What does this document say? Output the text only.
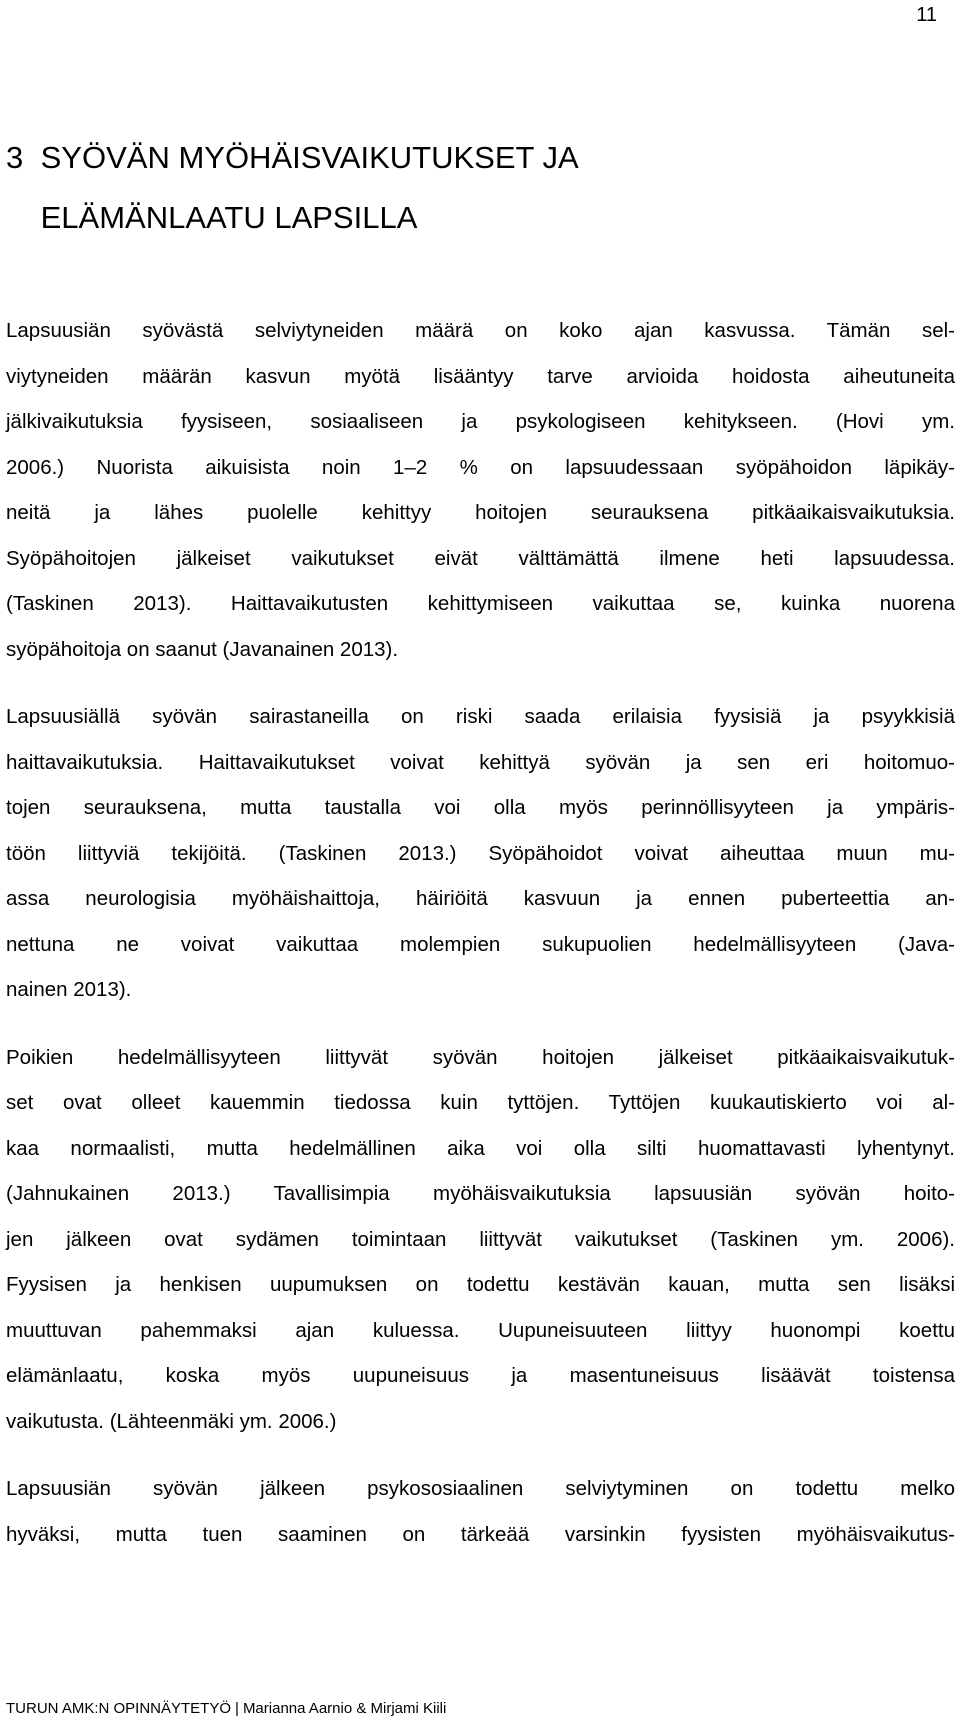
11
3 SYÖVÄN MYÖHÄISVAIKUTUKSET JA
ELÄMÄNLAATU LAPSILLA

Lapsuusiän syövästä selviytyneiden määrä on koko ajan kasvussa. Tämän sel-
viytyneiden määrän kasvun myötä lisääntyy tarve arvioida hoidosta aiheutuneita
jälkivaikutuksia fyysiseen, sosiaaliseen ja psykologiseen kehitykseen. (Hovi ym.
2006.) Nuorista aikuisista noin 1–2 % on lapsuudessaan syöpähoidon läpikäy-
neitä ja lähes puolelle kehittyy hoitojen seurauksena pitkäaikaisvaikutuksia.
Syöpähoitojen jälkeiset vaikutukset eivät välttämättä ilmene heti lapsuudessa.
(Taskinen 2013). Haittavaikutusten kehittymiseen vaikuttaa se, kuinka nuorena
syöpähoitoja on saanut (Javanainen 2013).

Lapsuusiällä syövän sairastaneilla on riski saada erilaisia fyysisiä ja psyykkisiä
haittavaikutuksia. Haittavaikutukset voivat kehittyä syövän ja sen eri hoitomuo-
tojen seurauksena, mutta taustalla voi olla myös perinnöllisyyteen ja ympäris-
töön liittyviä tekijöitä. (Taskinen 2013.) Syöpähoidot voivat aiheuttaa muun mu-
assa neurologisia myöhäishaittoja, häiriöitä kasvuun ja ennen puberteettia an-
nettuna ne voivat vaikuttaa molempien sukupuolien hedelmällisyyteen (Java-
nainen 2013).

Poikien hedelmällisyyteen liittyvät syövän hoitojen jälkeiset pitkäaikaisvaikutuk-
set ovat olleet kauemmin tiedossa kuin tyttöjen. Tyttöjen kuukautiskierto voi al-
kaa normaalisti, mutta hedelmällinen aika voi olla silti huomattavasti lyhentynyt.
(Jahnukainen 2013.) Tavallisimpia myöhäisvaikutuksia lapsuusiän syövän hoito-
jen jälkeen ovat sydämen toimintaan liittyvät vaikutukset (Taskinen ym. 2006).
Fyysisen ja henkisen uupumuksen on todettu kestävän kauan, mutta sen lisäksi
muuttuvan pahemmaksi ajan kuluessa. Uupuneisuuteen liittyy huonompi koettu
elämänlaatu, koska myös uupuneisuus ja masentuneisuus lisäävät toistensa
vaikutusta. (Lähteenmäki ym. 2006.)

Lapsuusiän syövän jälkeen psykososiaalinen selviytyminen on todettu melko
hyväksi, mutta tuen saaminen on tärkeää varsinkin fyysisten myöhäisvaikutus-

TURUN AMK:N OPINNÄYTETYÖ | Marianna Aarnio & Mirjami Kiili
